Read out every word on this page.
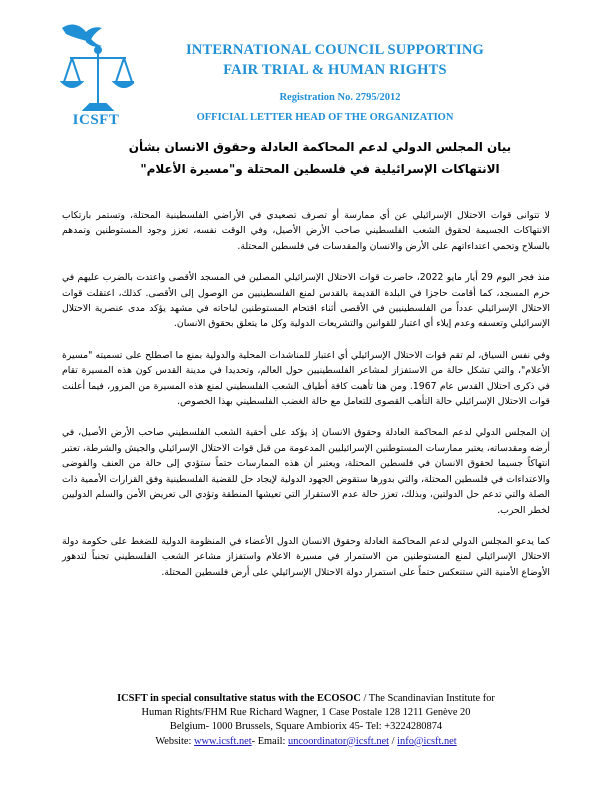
ICSFT
INTERNATIONAL COUNCIL SUPPORTING
FAIR TRIAL & HUMAN RIGHTS
Registration No. 2795/2012
OFFICIAL LETTER HEAD OF THE ORGANIZATION
بيان المجلس الدولي لدعم المحاكمة العادلة وحقوق الانسان بشأن
الانتهاكات الإسرائيلية في فلسطين المحتلة و"مسيرة الأعلام"

لا تتوانى قوات الاحتلال الإسرائيلي عن أي ممارسة أو تصرف تصعيدي في الأراضي الفلسطينية المحتلة، وتستمر بارتكاب الانتهاكات الجسيمة لحقوق الشعب الفلسطيني صاحب الأرض الأصيل، وفي الوقت نفسه، تعزز وجود المستوطنين وتمدهم بالسلاح وتحمي اعتداءاتهم على الأرض والانسان والمقدسات في فلسطين المحتلة.

منذ فجر اليوم 29 أيار مايو 2022، حاصرت قوات الاحتلال الإسرائيلي المصلين في المسجد الأقصى واعتدت بالضرب عليهم في حرم المسجد، كما أقامت حاجزا في البلدة القديمة بالقدس لمنع الفلسطينيين من الوصول إلى الأقصى. كذلك، اعتقلت قوات الاحتلال الإسرائيلي عدداً من الفلسطينيين في الأقصى أثناء اقتحام المستوطنين لباحاته في مشهد يؤكد مدى عنصرية الاحتلال الإسرائيلي وتعسفه وعدم إيلاء أي اعتبار للقوانين والتشريعات الدولية وكل ما يتعلق بحقوق الانسان.

وفي نفس السياق، لم تقم قوات الاحتلال الإسرائيلي أي اعتبار للمناشدات المحلية والدولية بمنع ما اصطلح على تسميته "مسيرة الأعلام"، والتي تشكل حالة من الاستفزاز لمشاعر الفلسطينيين حول العالم، وتحديدا في مدينة القدس كون هذه المسيرة تقام في ذكرى احتلال القدس عام 1967. ومن هنا تأهبت كافة أطياف الشعب الفلسطيني لمنع هذه المسيرة من المرور، فيما أعلنت قوات الاحتلال الإسرائيلي حالة التأهب القصوى للتعامل مع حالة الغضب الفلسطيني بهذا الخصوص.

إن المجلس الدولي لدعم المحاكمة العادلة وحقوق الانسان إذ يؤكد على أحقية الشعب الفلسطيني صاحب الأرض الأصيل، في أرضه ومقدساته، يعتبر ممارسات المستوطنين الإسرائيليين المدعومة من قبل قوات الاحتلال الإسرائيلي والجيش والشرطة، تعتبر انتهاكاً جسيما لحقوق الانسان في فلسطين المحتلة، ويعتبر أن هذه الممارسات حتماً ستؤدي إلى حالة من العنف والفوضى والاعتداءات في فلسطين المحتلة، والتي بدورها ستقوض الجهود الدولية لإيجاد حل للقضية الفلسطينية وفق القرارات الأممية ذات الصلة والتي تدعم حل الدولتين، وبذلك، تعزز حالة عدم الاستقرار التي تعيشها المنطقة وتؤدي الى تعريض الأمن والسلم الدوليين لخطر الحرب.

كما يدعو المجلس الدولي لدعم المحاكمة العادلة وحقوق الانسان الدول الأعضاء في المنظومة الدولية للضغط على حكومة دولة الاحتلال الإسرائيلي لمنع المستوطنين من الاستمرار في مسيرة الاعلام واستفزاز مشاعر الشعب الفلسطيني تجنباً لتدهور الأوضاع الأمنية التي ستنعكس حتماً على استمرار دولة الاحتلال الإسرائيلي على أرض فلسطين المحتلة.

ICSFT in special consultative status with the ECOSOC / The Scandinavian Institute for
Human Rights/FHM Rue Richard Wagner, 1 Case Postale 128 1211 Genève 20
Belgium- 1000 Brussels, Square Ambiorix 45- Tel: +3224280874
Website: www.icsft.net- Email: uncoordinator@icsft.net / info@icsft.net
